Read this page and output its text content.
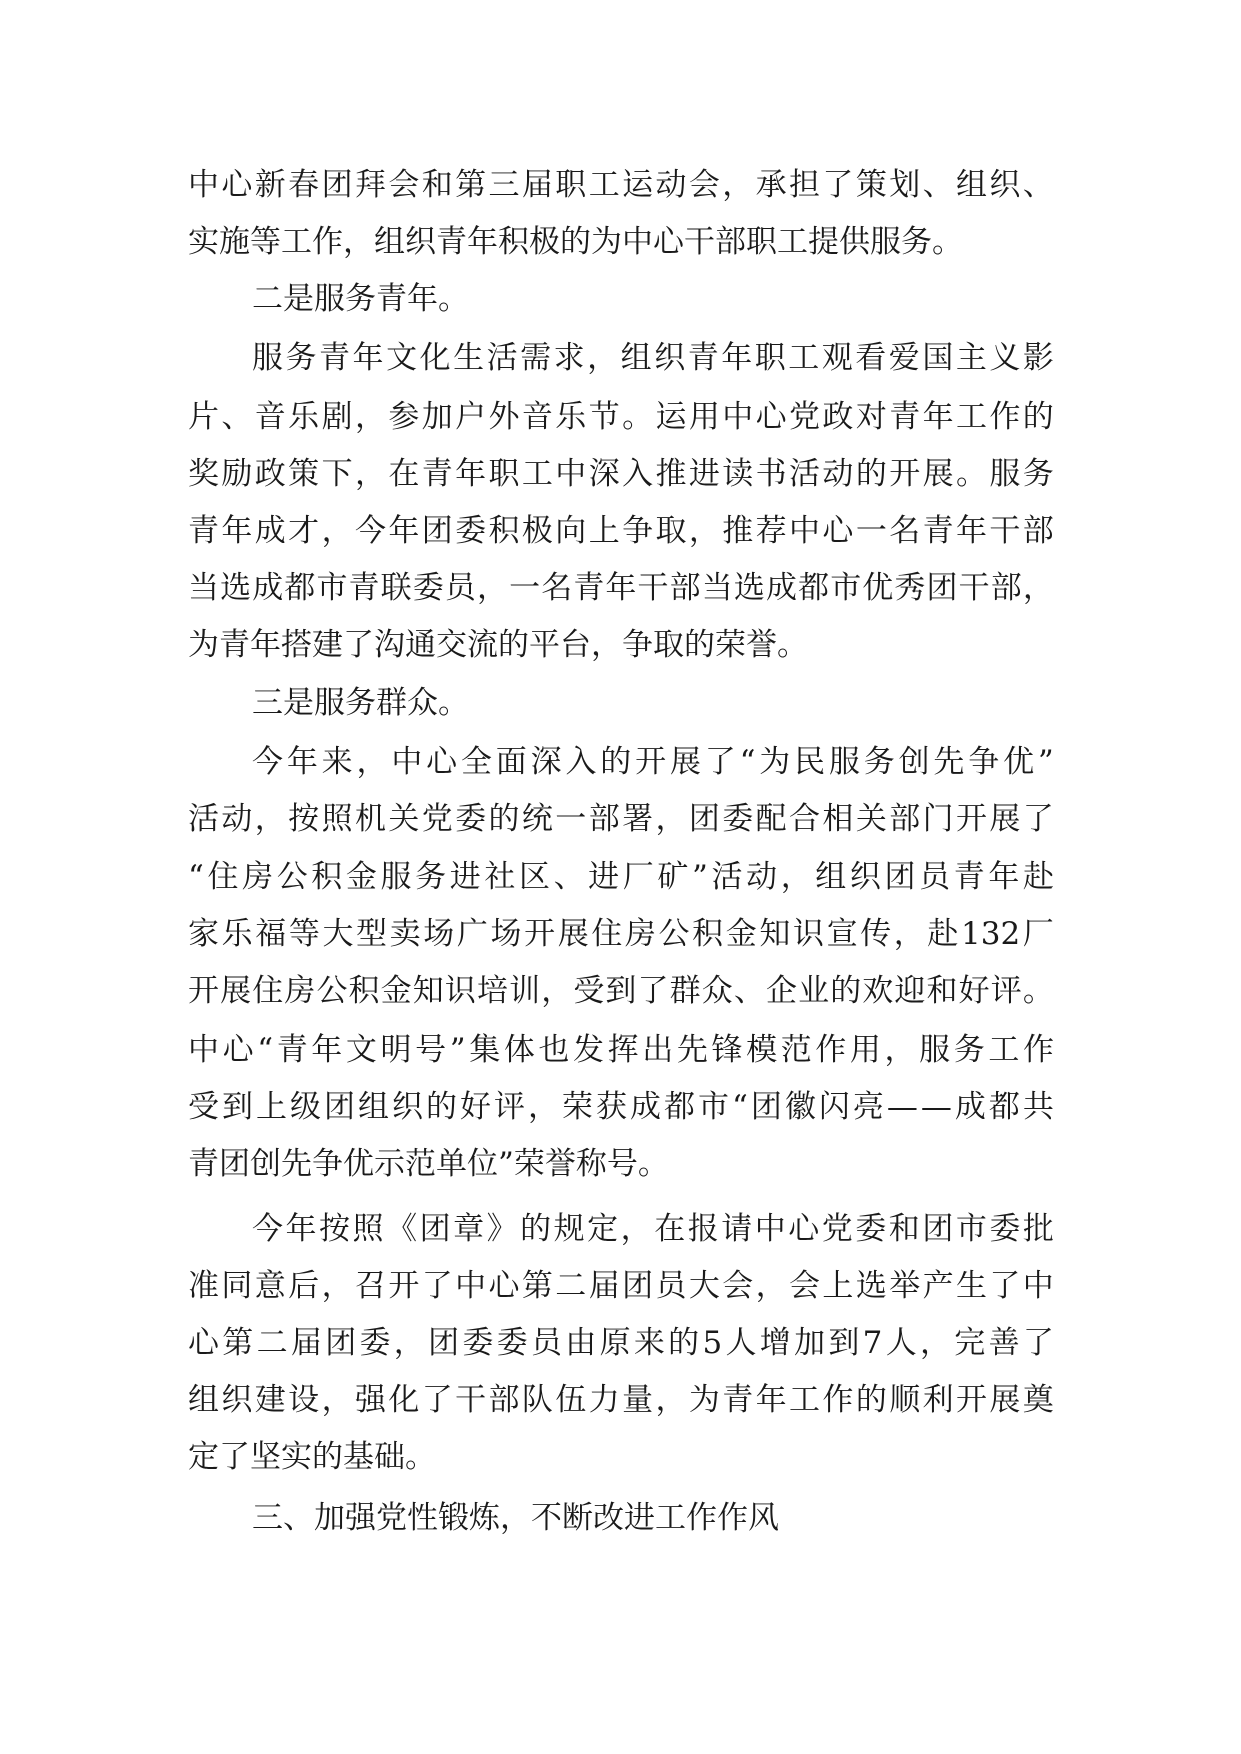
中 心 新 春 团 拜 会 和 第 三 届 职 工 运 动 会 ， 承 担 了 策 划 、 组 织 、

实施等工作，组织青年积极的为中心干部职工提供服务。

二是服务青年。

服 务 青 年 文 化 生 活 需 求 ， 组 织 青 年 职 工 观 看 爱 国 主 义 影

片 、 音 乐 剧 ， 参 加 户 外 音 乐 节 。 运 用 中 心 党 政 对 青 年 工 作 的

奖 励 政 策 下 ， 在 青 年 职 工 中 深 入 推 进 读 书 活 动 的 开 展 。 服 务

青 年 成 才 ， 今 年 团 委 积 极 向 上 争 取 ， 推 荐 中 心 一 名 青 年 干 部

当 选 成 都 市 青 联 委 员 ， 一 名 青 年 干 部 当 选 成 都 市 优 秀 团 干 部 ，

为青年搭建了沟通交流的平台，争取的荣誉。

三是服务群众。

今 年 来 ， 中 心 全 面 深 入 的 开 展 了 “ 为 民 服 务 创 先 争 优 ”

活 动 ， 按 照 机 关 党 委 的 统 一 部 署 ， 团 委 配 合 相 关 部 门 开 展 了

“ 住 房 公 积 金 服 务 进 社 区 、 进 厂 矿 ” 活 动 ， 组 织 团 员 青 年 赴

家 乐 福 等 大 型 卖 场 广 场 开 展 住 房 公 积 金 知 识 宣 传 ， 赴 132 厂

开 展 住 房 公 积 金 知 识 培 训 ， 受 到 了 群 众 、 企 业 的 欢 迎 和 好 评 。

中 心 “ 青 年 文 明 号 ” 集 体 也 发 挥 出 先 锋 模 范 作 用 ， 服 务 工 作

受 到 上 级 团 组 织 的 好 评 ， 荣 获 成 都 市 “ 团 徽 闪 亮 — — 成 都 共

青团创先争优示范单位”荣誉称号。

今 年 按 照 《 团 章 》 的 规 定 ， 在 报 请 中 心 党 委 和 团 市 委 批

准 同 意 后 ， 召 开 了 中 心 第 二 届 团 员 大 会 ， 会 上 选 举 产 生 了 中

心 第 二 届 团 委 ， 团 委 委 员 由 原 来 的 5 人 增 加 到 7 人 ， 完 善 了

组 织 建 设 ， 强 化 了 干 部 队 伍 力 量 ， 为 青 年 工 作 的 顺 利 开 展 奠

定了坚实的基础。

三、加强党性锻炼，不断改进工作作风
